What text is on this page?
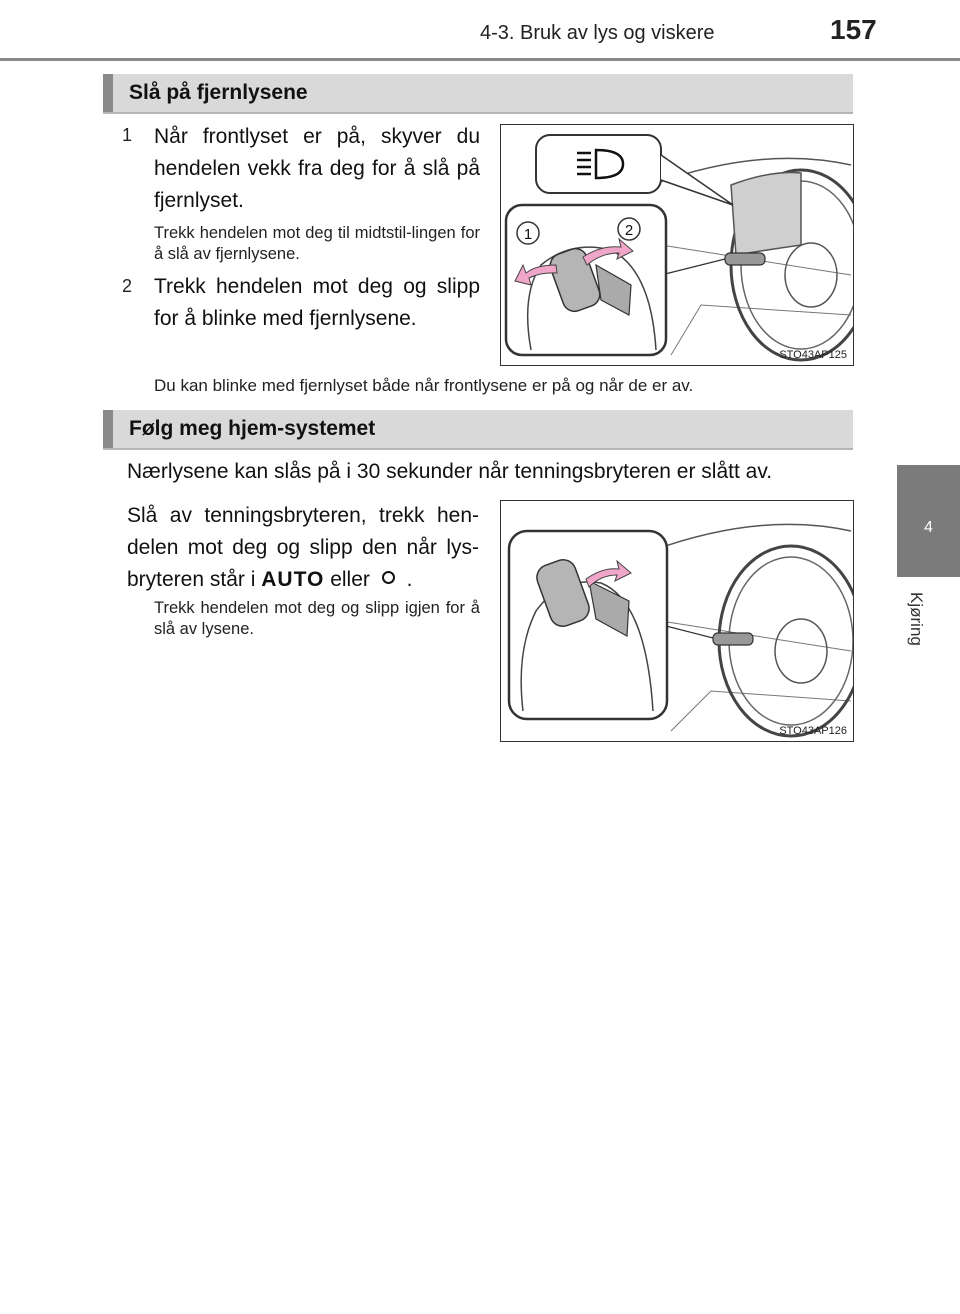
4-3. Bruk av lys og viskere	157
4
Kjøring
Slå på fjernlysene
1 Når frontlyset er på, skyver du hendelen vekk fra deg for å slå på fjernlyset.
Trekk hendelen mot deg til midtstil-lingen for å slå av fjernlysene.
2 Trekk hendelen mot deg og slipp for å blinke med fjernlysene.
1	2
STO43AP125
Du kan blinke med fjernlyset både når frontlysene er på og når de er av.
Følg meg hjem-systemet
Nærlysene kan slås på i 30 sekunder når tenningsbryteren er slått av.
Slå av tenningsbryteren, trekk hen-delen mot deg og slipp den når lys-bryteren står i AUTO eller .
Trekk hendelen mot deg og slipp igjen for å slå av lysene.
STO43AP126
